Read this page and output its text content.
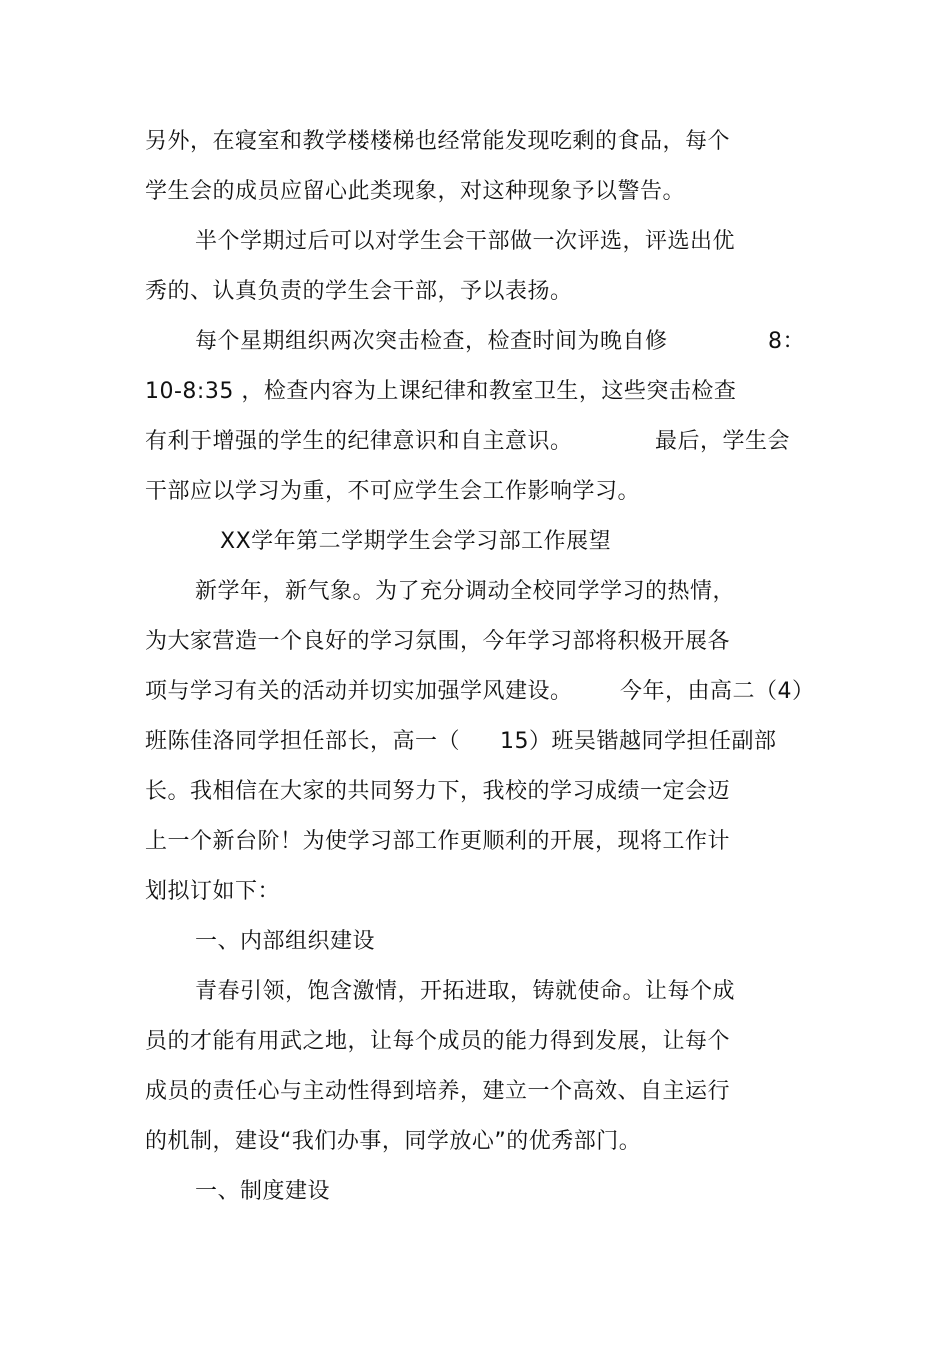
另外，在寝室和教学楼楼梯也经常能发现吃剩的食品，每个
学生会的成员应留心此类现象，对这种现象予以警告。
半个学期过后可以对学生会干部做一次评选，评选出优
秀的、认真负责的学生会干部，予以表扬。
每个星期组织两次突击检查，检查时间为晚自修	8：
10-8:35 ，检查内容为上课纪律和教室卫生，这些突击检查
有利于增强的学生的纪律意识和自主意识。	最后，学生会
干部应以学习为重，不可应学生会工作影响学习。
XX学年第二学期学生会学习部工作展望
新学年，新气象。为了充分调动全校同学学习的热情，
为大家营造一个良好的学习氛围，今年学习部将积极开展各
项与学习有关的活动并切实加强学风建设。 今年，由高二（4）
班陈佳洛同学担任部长，高一（ 15）班吴锴越同学担任副部
长。我相信在大家的共同努力下，我校的学习成绩一定会迈
上一个新台阶！为使学习部工作更顺利的开展，现将工作计
划拟订如下：
一、内部组织建设
青春引领，饱含激情，开拓进取，铸就使命。让每个成
员的才能有用武之地，让每个成员的能力得到发展，让每个
成员的责任心与主动性得到培养，建立一个高效、自主运行
的机制，建设“我们办事，同学放心”的优秀部门。
一、制度建设
